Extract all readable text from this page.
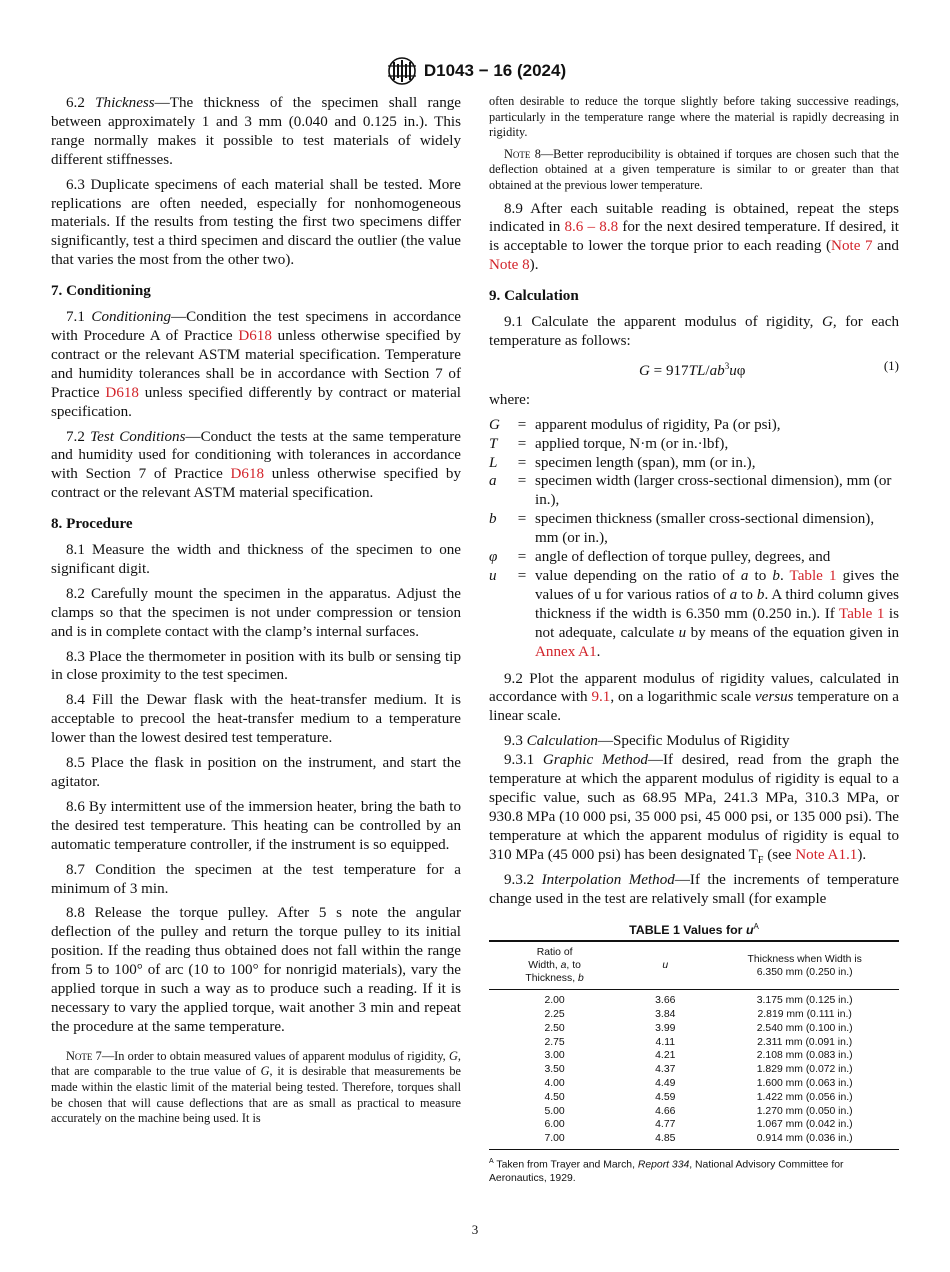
D1043 − 16 (2024)

6.2 Thickness—The thickness of the specimen shall range between approximately 1 and 3 mm (0.040 and 0.125 in.). This range normally makes it possible to test materials of widely different stiffnesses.

6.3 Duplicate specimens of each material shall be tested. More replications are often needed, especially for nonhomogeneous materials. If the results from testing the first two specimens differ significantly, test a third specimen and discard the outlier (the value that varies the most from the other two).

7. Conditioning

7.1 Conditioning—Condition the test specimens in accordance with Procedure A of Practice D618 unless otherwise specified by contract or the relevant ASTM material specification. Temperature and humidity tolerances shall be in accordance with Section 7 of Practice D618 unless specified differently by contract or material specification.

7.2 Test Conditions—Conduct the tests at the same temperature and humidity used for conditioning with tolerances in accordance with Section 7 of Practice D618 unless otherwise specified by contract or the relevant ASTM material specification.

8. Procedure

8.1 Measure the width and thickness of the specimen to one significant digit.

8.2 Carefully mount the specimen in the apparatus. Adjust the clamps so that the specimen is not under compression or tension and is in complete contact with the clamp’s internal surfaces.

8.3 Place the thermometer in position with its bulb or sensing tip in close proximity to the test specimen.

8.4 Fill the Dewar flask with the heat-transfer medium. It is acceptable to precool the heat-transfer medium to a temperature lower than the lowest desired test temperature.

8.5 Place the flask in position on the instrument, and start the agitator.

8.6 By intermittent use of the immersion heater, bring the bath to the desired test temperature. This heating can be controlled by an automatic temperature controller, if the instrument is so equipped.

8.7 Condition the specimen at the test temperature for a minimum of 3 min.

8.8 Release the torque pulley. After 5 s note the angular deflection of the pulley and return the torque pulley to its initial position. If the reading thus obtained does not fall within the range from 5 to 100° of arc (10 to 100° for nonrigid materials), vary the applied torque in such a way as to produce such a reading. If it is necessary to vary the applied torque, wait another 3 min and repeat the procedure at the same temperature.

Note 7—In order to obtain measured values of apparent modulus of rigidity, G, that are comparable to the true value of G, it is desirable that measurements be made within the elastic limit of the material being tested. Therefore, torques shall be chosen that will cause deflections that are as small as practical to measure accurately on the machine being used. It is

often desirable to reduce the torque slightly before taking successive readings, particularly in the temperature range where the material is rapidly decreasing in rigidity.

Note 8—Better reproducibility is obtained if torques are chosen such that the deflection obtained at a given temperature is similar to or greater than that obtained at the previous lower temperature.

8.9 After each suitable reading is obtained, repeat the steps indicated in 8.6 – 8.8 for the next desired temperature. If desired, it is acceptable to lower the torque prior to each reading (Note 7 and Note 8).

9. Calculation

9.1 Calculate the apparent modulus of rigidity, G, for each temperature as follows:

$G = 917TL/ab^3u\varphi$	(1)

where:

G	= apparent modulus of rigidity, Pa (or psi),
T	= applied torque, N·m (or in.·lbf),
L	= specimen length (span), mm (or in.),
a	= specimen width (larger cross-sectional dimension), mm (or in.),
b	= specimen thickness (smaller cross-sectional dimension), mm (or in.),
φ	= angle of deflection of torque pulley, degrees, and
u	= value depending on the ratio of a to b. Table 1 gives the values of u for various ratios of a to b. A third column gives thickness if the width is 6.350 mm (0.250 in.). If Table 1 is not adequate, calculate u by means of the equation given in Annex A1.

9.2 Plot the apparent modulus of rigidity values, calculated in accordance with 9.1, on a logarithmic scale versus temperature on a linear scale.

9.3 Calculation—Specific Modulus of Rigidity

9.3.1 Graphic Method—If desired, read from the graph the temperature at which the apparent modulus of rigidity is equal to a specific value, such as 68.95 MPa, 241.3 MPa, 310.3 MPa, or 930.8 MPa (10 000 psi, 35 000 psi, 45 000 psi, or 135 000 psi). The temperature at which the apparent modulus of rigidity is equal to 310 MPa (45 000 psi) has been designated $T_F$ (see Note A1.1).

9.3.2 Interpolation Method—If the increments of temperature change used in the test are relatively small (for example

TABLE 1 Values for $u^A$
Ratio of
Width, a, to
Thickness, b	u	Thickness when Width is
6.350 mm (0.250 in.)
2.00	3.66	3.175 mm (0.125 in.)
2.25	3.84	2.819 mm (0.111 in.)
2.50	3.99	2.540 mm (0.100 in.)
2.75	4.11	2.311 mm (0.091 in.)
3.00	4.21	2.108 mm (0.083 in.)
3.50	4.37	1.829 mm (0.072 in.)
4.00	4.49	1.600 mm (0.063 in.)
4.50	4.59	1.422 mm (0.056 in.)
5.00	4.66	1.270 mm (0.050 in.)
6.00	4.77	1.067 mm (0.042 in.)
7.00	4.85	0.914 mm (0.036 in.)
$^A$ Taken from Trayer and March, Report 334, National Advisory Committee for Aeronautics, 1929.
3
